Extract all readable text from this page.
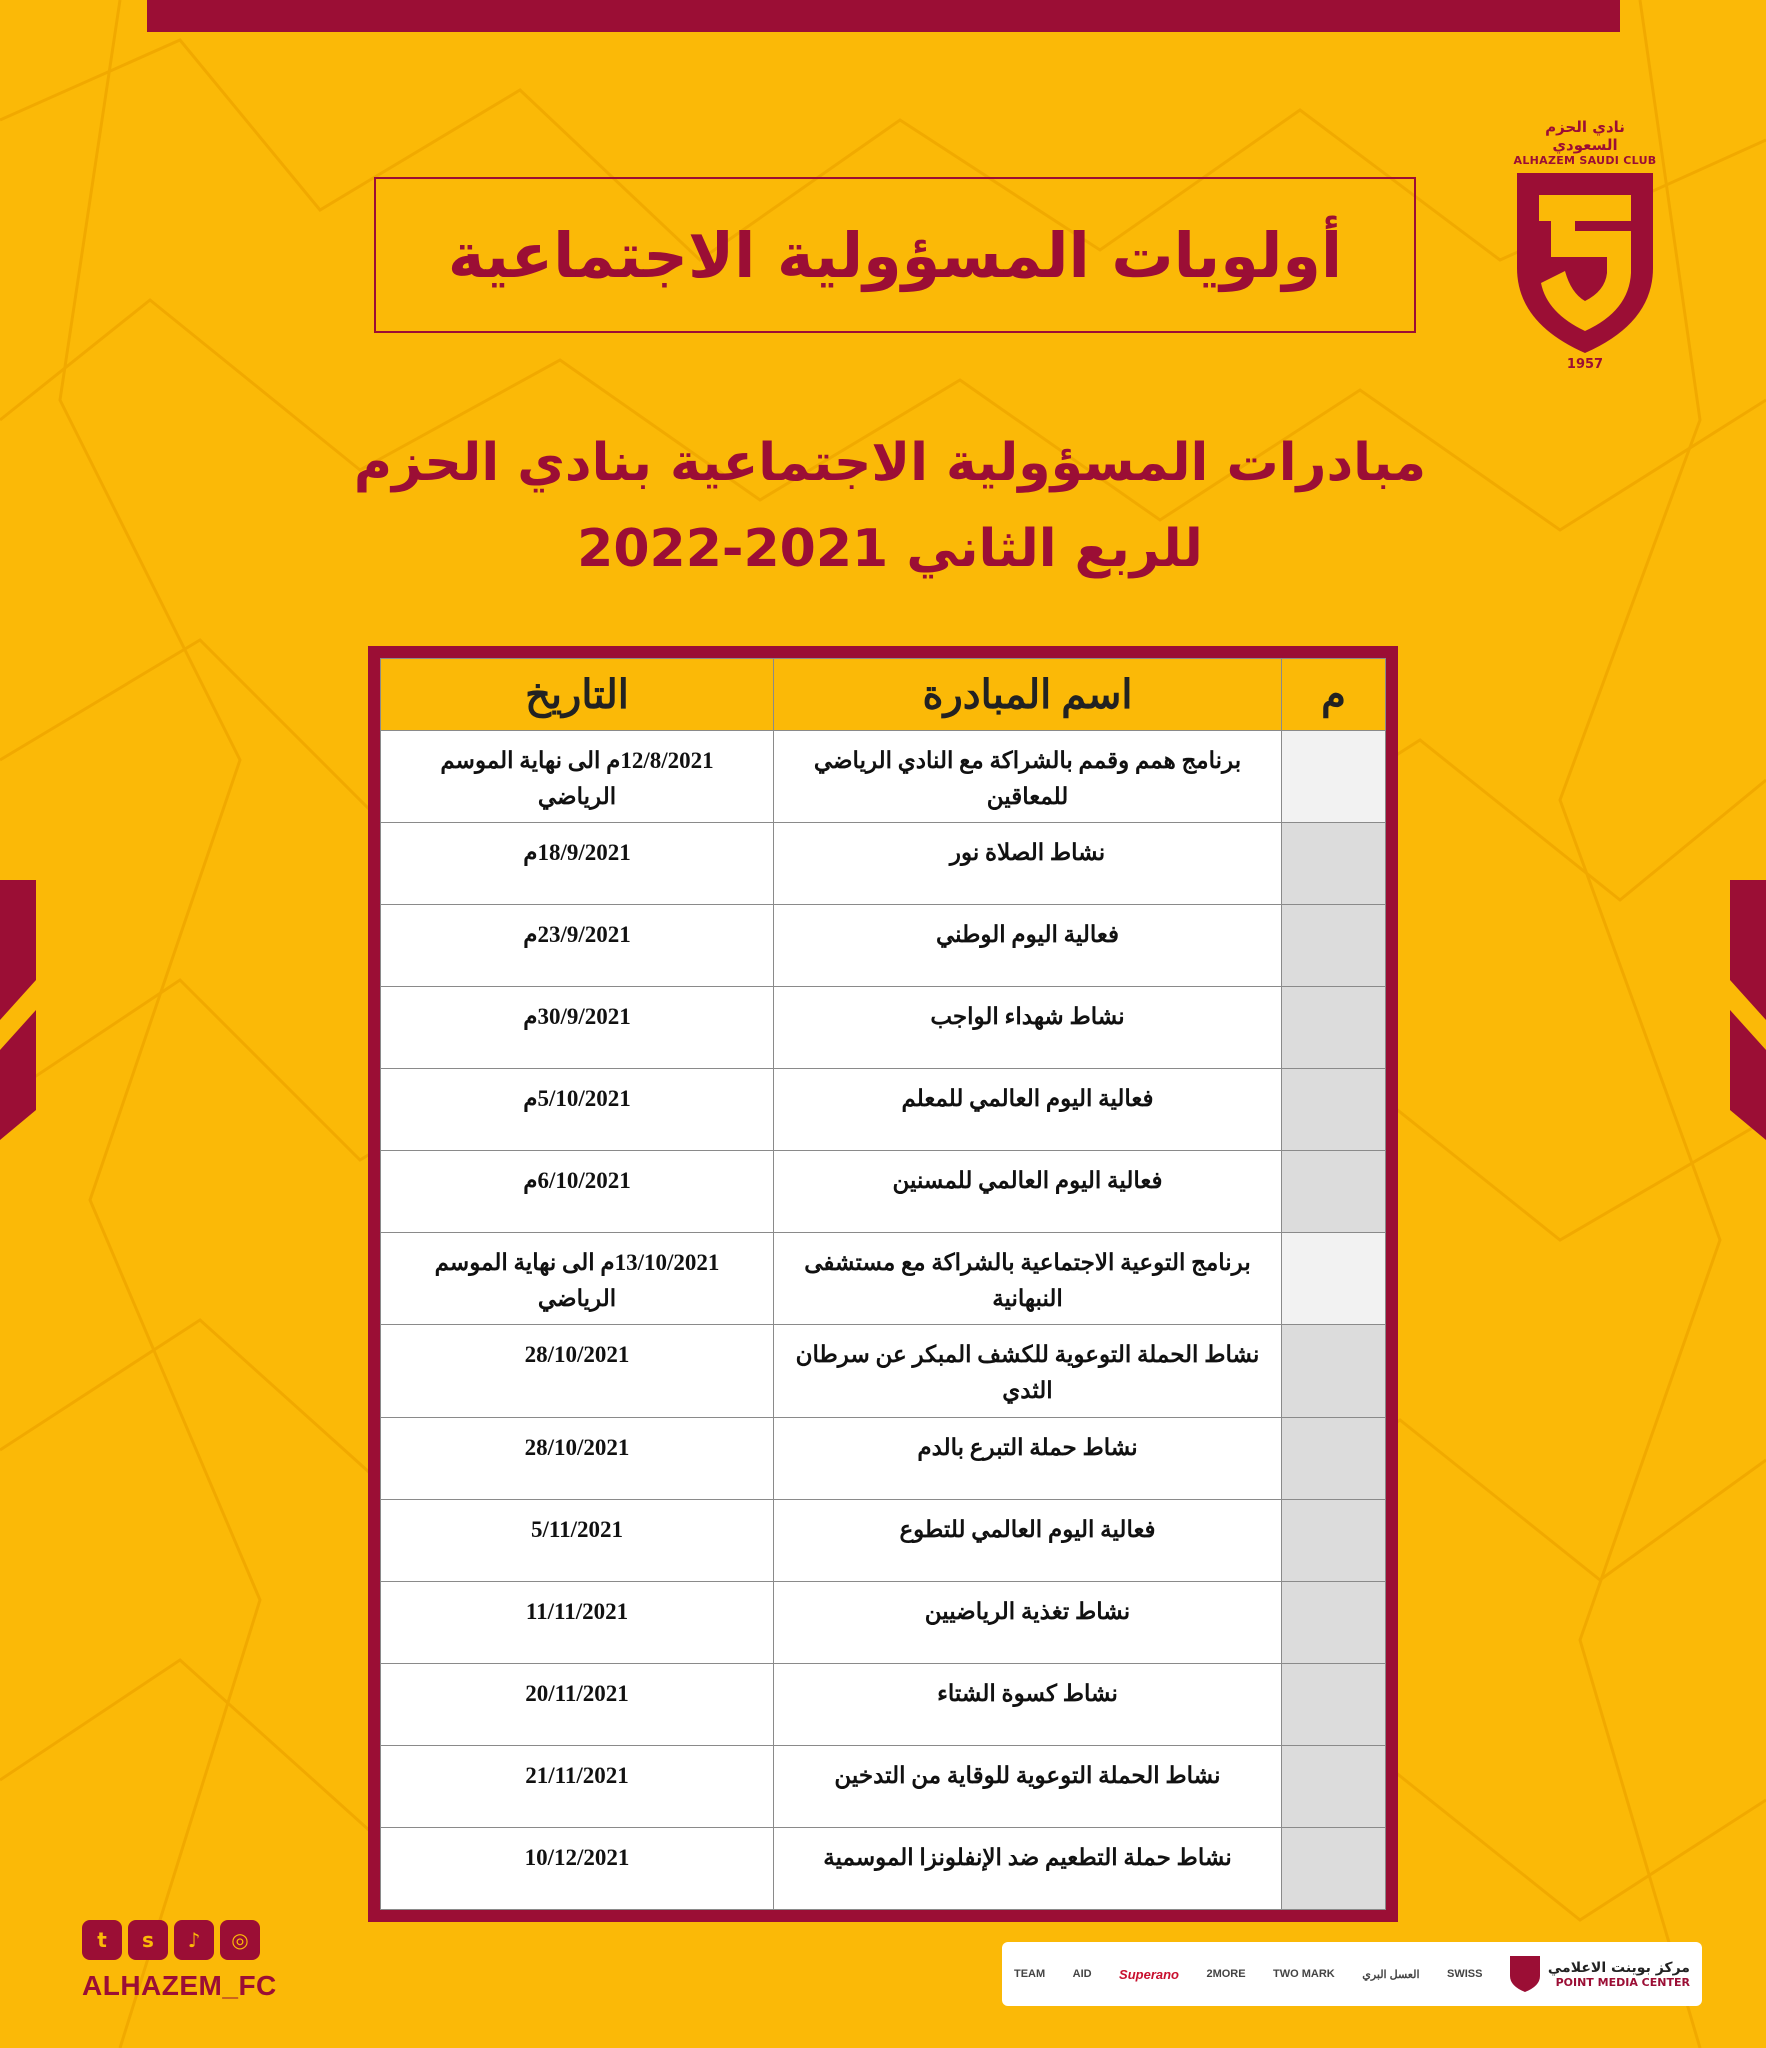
نادي الحزم السعودي
ALHAZEM SAUDI CLUB
1957
أولويات المسؤولية الاجتماعية
مبادرات المسؤولية الاجتماعية بنادي الحزم
للربع الثاني 2021-2022
م	اسم المبادرة	التاريخ
	برنامج همم وقمم بالشراكة مع النادي الرياضي للمعاقين	12/8/2021م الى نهاية الموسم الرياضي
	نشاط الصلاة نور	18/9/2021م
	فعالية اليوم الوطني	23/9/2021م
	نشاط شهداء الواجب	30/9/2021م
	فعالية اليوم العالمي للمعلم	5/10/2021م
	فعالية اليوم العالمي للمسنين	6/10/2021م
	برنامج التوعية الاجتماعية بالشراكة مع مستشفى النبهانية	13/10/2021م الى نهاية الموسم الرياضي
	نشاط الحملة التوعوية للكشف المبكر عن سرطان الثدي	28/10/2021
	نشاط حملة التبرع بالدم	28/10/2021
	فعالية اليوم العالمي للتطوع	5/11/2021
	نشاط تغذية الرياضيين	11/11/2021
	نشاط كسوة الشتاء	20/11/2021
	نشاط الحملة التوعوية للوقاية من التدخين	21/11/2021
	نشاط حملة التطعيم ضد الإنفلونزا الموسمية	10/12/2021
t	s	♪	◎
ALHAZEM_FC	TEAM AID Superano 2MORE TWO MARK العسل البري SWISS	مركز بوينت الاعلامي
POINT MEDIA CENTER
